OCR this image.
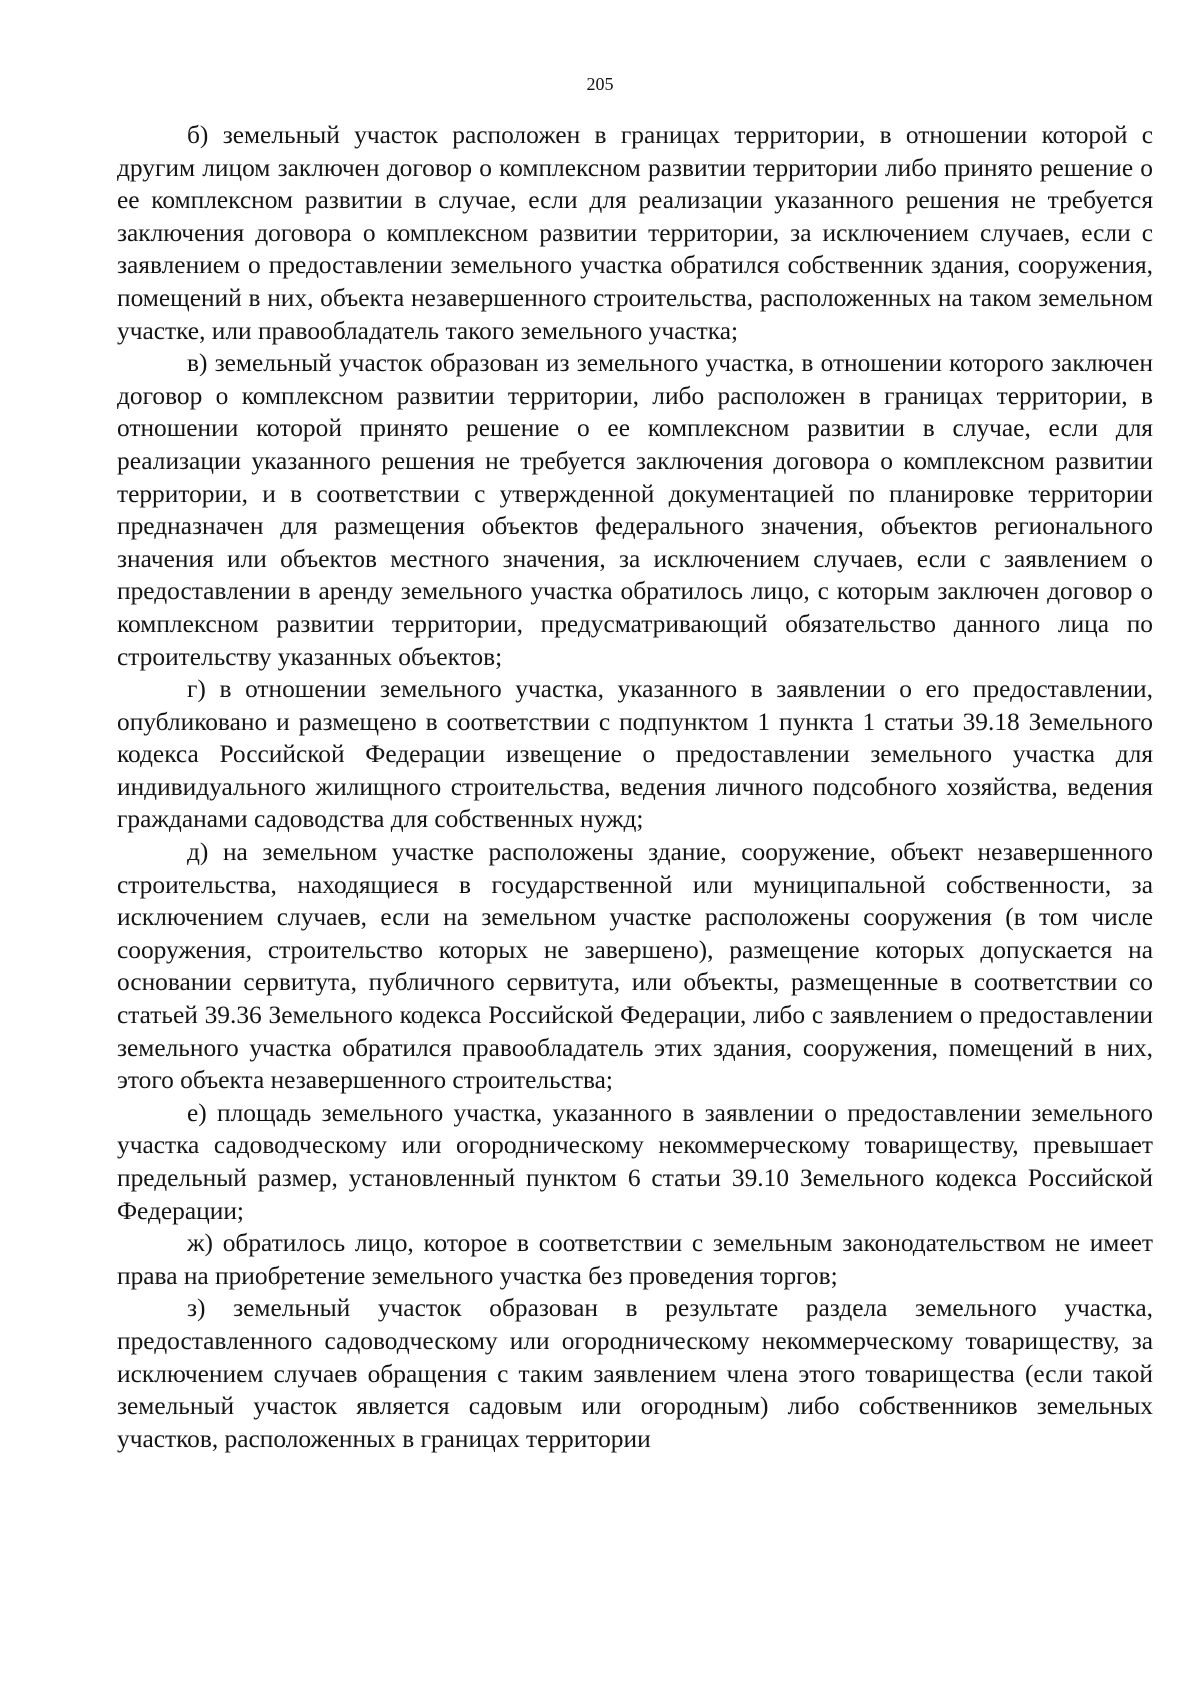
205

б) земельный участок расположен в границах территории, в отношении которой с другим лицом заключен договор о комплексном развитии территории либо принято решение о ее комплексном развитии в случае, если для реализации указанного решения не требуется заключения договора о комплексном развитии территории, за исключением случаев, если с заявлением о предоставлении земельного участка обратился собственник здания, сооружения, помещений в них, объекта незавершенного строительства, расположенных на таком земельном участке, или правообладатель такого земельного участка;

в) земельный участок образован из земельного участка, в отношении которого заключен договор о комплексном развитии территории, либо расположен в границах территории, в отношении которой принято решение о ее комплексном развитии в случае, если для реализации указанного решения не требуется заключения договора о комплексном развитии территории, и в соответствии с утвержденной документацией по планировке территории предназначен для размещения объектов федерального значения, объектов регионального значения или объектов местного значения, за исключением случаев, если с заявлением о предоставлении в аренду земельного участка обратилось лицо, с которым заключен договор о комплексном развитии территории, предусматривающий обязательство данного лица по строительству указанных объектов;

г) в отношении земельного участка, указанного в заявлении о его предоставлении, опубликовано и размещено в соответствии с подпунктом 1 пункта 1 статьи 39.18 Земельного кодекса Российской Федерации извещение о предоставлении земельного участка для индивидуального жилищного строительства, ведения личного подсобного хозяйства, ведения гражданами садоводства для собственных нужд;

д) на земельном участке расположены здание, сооружение, объект незавершенного строительства, находящиеся в государственной или муниципальной собственности, за исключением случаев, если на земельном участке расположены сооружения (в том числе сооружения, строительство которых не завершено), размещение которых допускается на основании сервитута, публичного сервитута, или объекты, размещенные в соответствии со статьей 39.36 Земельного кодекса Российской Федерации, либо с заявлением о предоставлении земельного участка обратился правообладатель этих здания, сооружения, помещений в них, этого объекта незавершенного строительства;

е) площадь земельного участка, указанного в заявлении о предоставлении земельного участка садоводческому или огородническому некоммерческому товариществу, превышает предельный размер, установленный пунктом 6 статьи 39.10 Земельного кодекса Российской Федерации;

ж) обратилось лицо, которое в соответствии с земельным законодательством не имеет права на приобретение земельного участка без проведения торгов;

з) земельный участок образован в результате раздела земельного участка, предоставленного садоводческому или огородническому некоммерческому товариществу, за исключением случаев обращения с таким заявлением члена этого товарищества (если такой земельный участок является садовым или огородным) либо собственников земельных участков, расположенных в границах территории
